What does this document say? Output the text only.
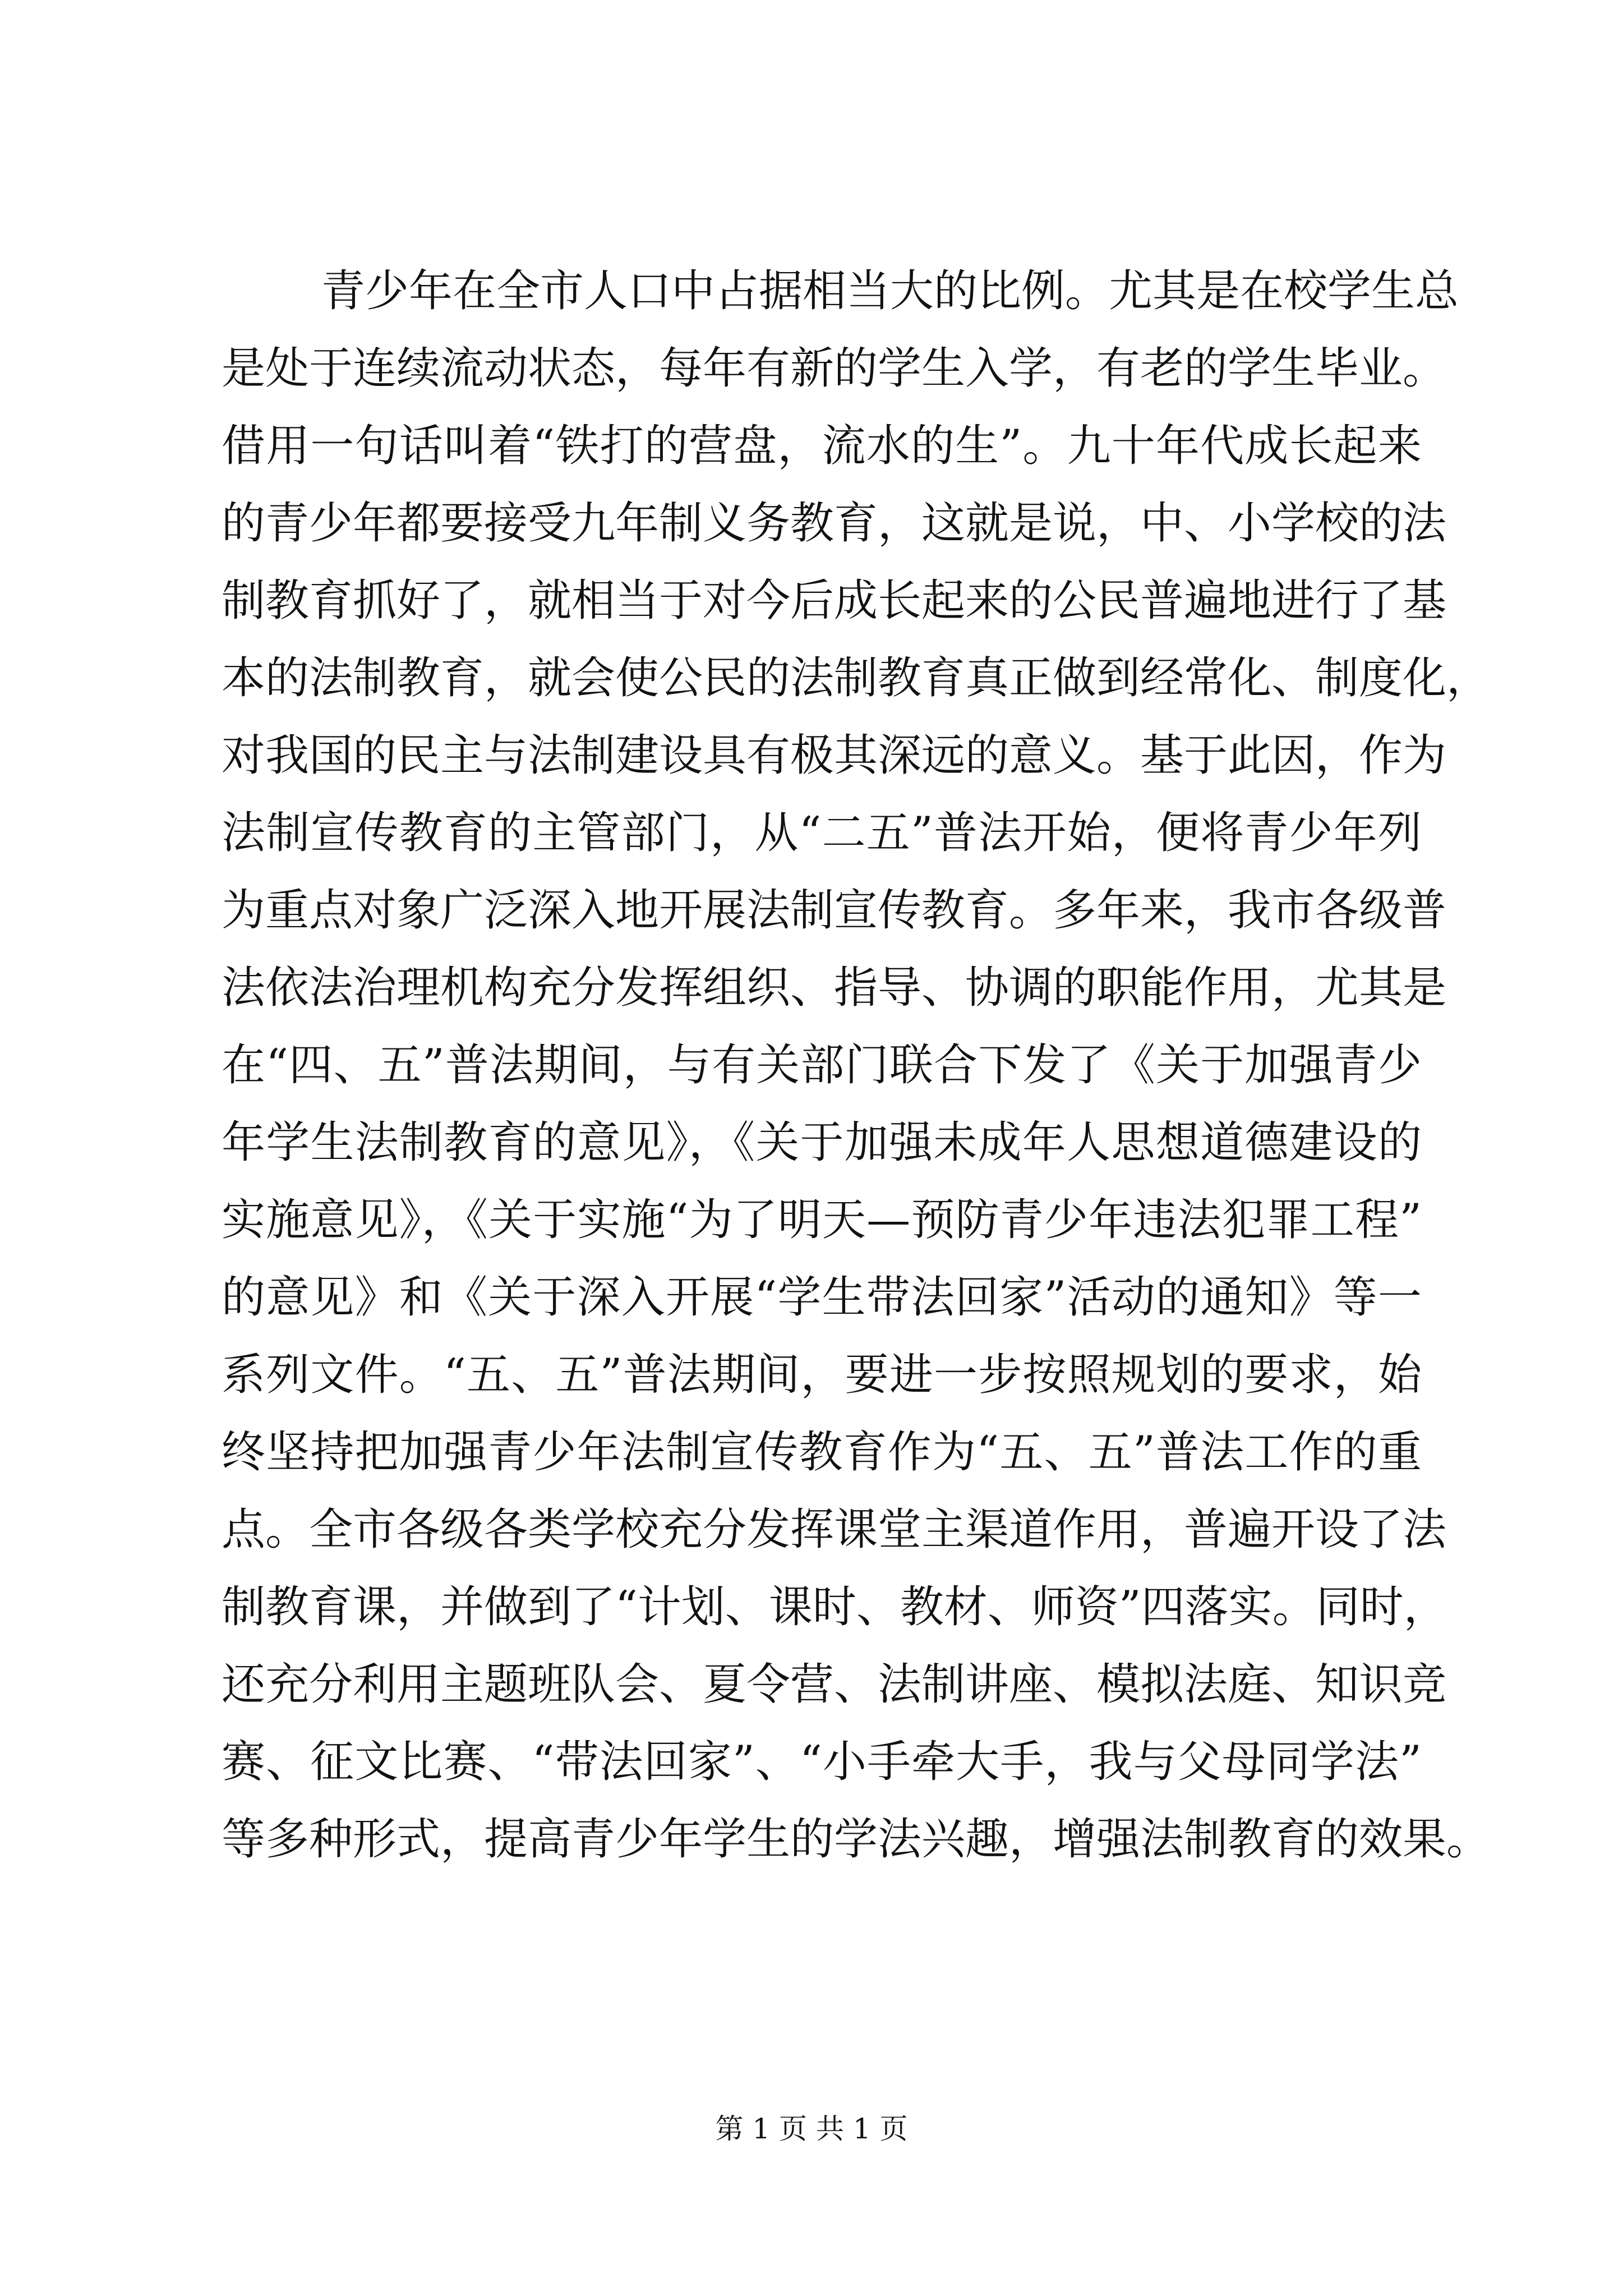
青少年在全市人口中占据相当大的比例。尤其是在校学生总
是处于连续流动状态，每年有新的学生入学，有老的学生毕业。
借用一句话叫着“铁打的营盘，流水的生”。九十年代成长起来
的青少年都要接受九年制义务教育，这就是说，中、小学校的法
制教育抓好了，就相当于对今后成长起来的公民普遍地进行了基
本的法制教育，就会使公民的法制教育真正做到经常化、制度化，
对我国的民主与法制建设具有极其深远的意义。基于此因，作为
法制宣传教育的主管部门，从“二五”普法开始，便将青少年列
为重点对象广泛深入地开展法制宣传教育。多年来，我市各级普
法依法治理机构充分发挥组织、指导、协调的职能作用，尤其是
在“四、五”普法期间，与有关部门联合下发了《关于加强青少
年学生法制教育的意见》，《关于加强未成年人思想道德建设的
实施意见》，《关于实施“为了明天—预防青少年违法犯罪工程”
的意见》和《关于深入开展“学生带法回家”活动的通知》等一
系列文件。“五、五”普法期间，要进一步按照规划的要求，始
终坚持把加强青少年法制宣传教育作为“五、五”普法工作的重
点。全市各级各类学校充分发挥课堂主渠道作用，普遍开设了法
制教育课，并做到了“计划、课时、教材、师资”四落实。同时，
还充分利用主题班队会、夏令营、法制讲座、模拟法庭、知识竞
赛、征文比赛、“带法回家”、“小手牵大手，我与父母同学法”
等多种形式，提高青少年学生的学法兴趣，增强法制教育的效果。
第 1 页 共 1 页
